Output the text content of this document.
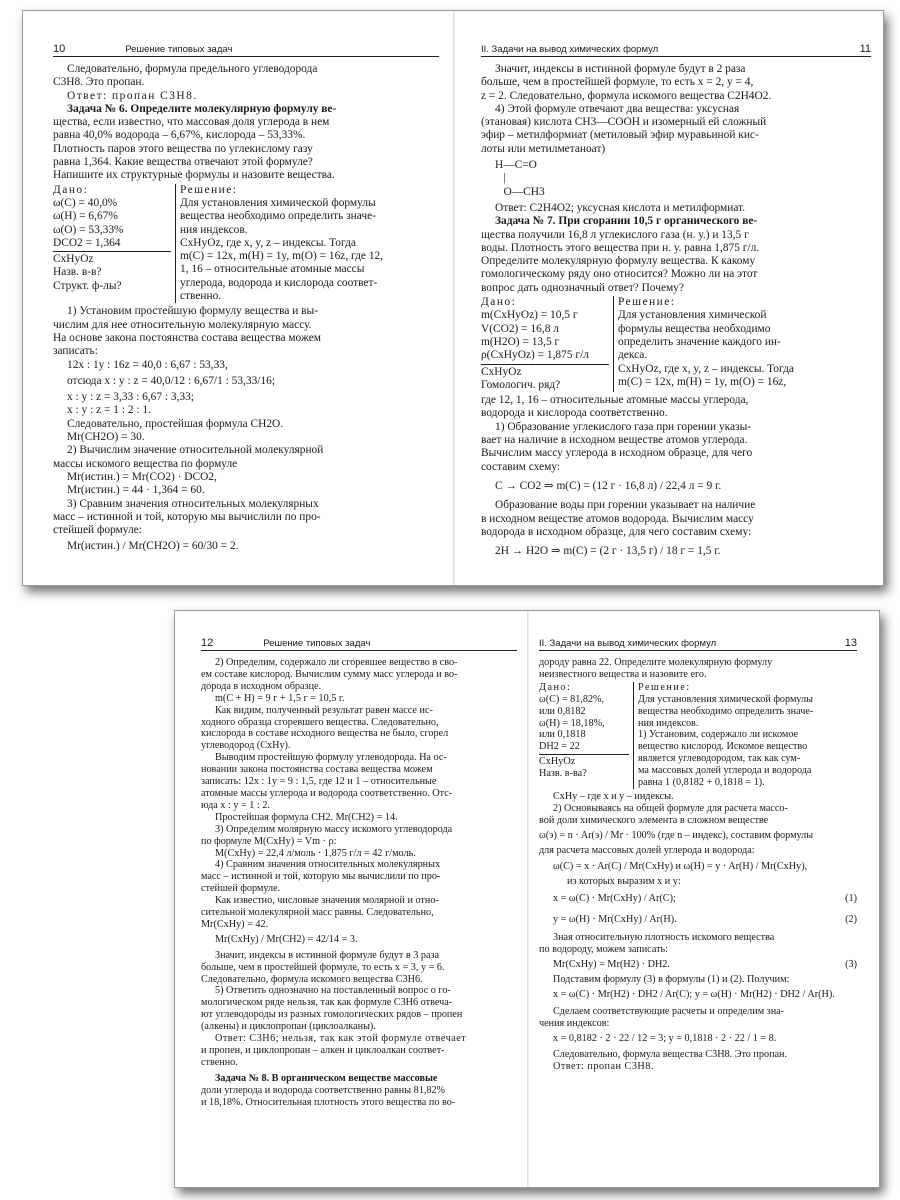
10	Решение типовых задач

Следовательно, формула предельного углеводорода

C3H8. Это пропан.

Ответ: пропан C3H8.

Задача № 6. Определите молекулярную формулу ве-

щества, если известно, что массовая доля углерода в нем

равна 40,0% водорода – 6,67%, кислорода – 53,33%.

Плотность паров этого вещества по углекислому газу

равна 1,364. Какие вещества отвечают этой формуле?

Напишите их структурные формулы и назовите вещества.

Дано:
ω(C) = 40,0%
ω(H) = 6,67%
ω(O) = 53,33%
DCO2 = 1,364
CxHyOz
Назв. в-в?
Структ. ф-лы?
Решение:
Для установления химической формулы
вещества необходимо определить значе-
ния индексов.
CxHyOz, где x, y, z – индексы. Тогда
m(C) = 12x, m(H) = 1y, m(O) = 16z, где 12,
1, 16 – относительные атомные массы
углерода, водорода и кислорода соответ-
ственно.

1) Установим простейшую формулу вещества и вы-

числим для нее относительную молекулярную массу.

На основе закона постоянства состава вещества можем

записать:

12x : 1y : 16z = 40,0 : 6,67 : 53,33,

отсюда x : y : z = 40,0/12 : 6,67/1 : 53,33/16;

x : y : z = 3,33 : 6,67 : 3,33;

x : y : z = 1 : 2 : 1.

Следовательно, простейшая формула CH2O.

Mr(CH2O) = 30.

2) Вычислим значение относительной молекулярной

массы искомого вещества по формуле

Mr(истин.) = Mr(CO2) · DCO2,

Mr(истин.) = 44 · 1,364 = 60.

3) Сравним значения относительных молекулярных

масс – истинной и той, которую мы вычислили по про-

стейшей формуле:

Mr(истин.) / Mr(CH2O) = 60/30 = 2.

II. Задачи на вывод химических формул	11

Значит, индексы в истинной формуле будут в 2 раза

больше, чем в простейшей формуле, то есть x = 2, y = 4,

z = 2. Следовательно, формула искомого вещества C2H4O2.

4) Этой формуле отвечают два вещества: уксусная

(этановая) кислота CH3—COOH и изомерный ей сложный

эфир – метилформиат (метиловый эфир муравьиной кис-

лоты или метилметаноат)

H—C=O

|

O—CH3

Ответ: C2H4O2; уксусная кислота и метилформиат.

Задача № 7. При сгорании 10,5 г органического ве-

щества получили 16,8 л углекислого газа (н. у.) и 13,5 г

воды. Плотность этого вещества при н. у. равна 1,875 г/л.

Определите молекулярную формулу вещества. К какому

гомологическому ряду оно относится? Можно ли на этот

вопрос дать однозначный ответ? Почему?

Дано:
m(CxHyOz) = 10,5 г
V(CO2) = 16,8 л
m(H2O) = 13,5 г
ρ(CxHyOz) = 1,875 г/л
CxHyOz
Гомологич. ряд?
Решение:
Для установления химической
формулы вещества необходимо
определить значение каждого ин-
декса.
CxHyOz, где x, y, z – индексы. Тогда
m(C) = 12x, m(H) = 1y, m(O) = 16z,

где 12, 1, 16 – относительные атомные массы углерода,

водорода и кислорода соответственно.

1) Образование углекислого газа при горении указы-

вает на наличие в исходном веществе атомов углерода.

Вычислим массу углерода в исходном образце, для чего

составим схему:

C → CO2 ⇒ m(C) = (12 г · 16,8 л) / 22,4 л = 9 г.

Образование воды при горении указывает на наличие

в исходном веществе атомов водорода. Вычислим массу

водорода в исходном образце, для чего составим схему:

2H → H2O ⇒ m(C) = (2 г · 13,5 г) / 18 г = 1,5 г.

12	Решение типовых задач

2) Определим, содержало ли сгоревшее вещество в сво-

ем составе кислород. Вычислим сумму масс углерода и во-

дорода в исходном образце.

m(C + H) = 9 г + 1,5 г = 10,5 г.

Как видим, полученный результат равен массе ис-

ходного образца сгоревшего вещества. Следовательно,

кислорода в составе исходного вещества не было, сгорел

углеводород (CxHy).

Выводим простейшую формулу углеводорода. На ос-

новании закона постоянства состава вещества можем

записать: 12x : 1y = 9 : 1,5, где 12 и 1 – относительные

атомные массы углерода и водорода соответственно. Отс-

юда x : y = 1 : 2.

Простейшая формула CH2. Mr(CH2) = 14.

3) Определим молярную массу искомого углеводорода

по формуле M(CxHy) = Vm · ρ:

M(CxHy) = 22,4 л/моль · 1,875 г/л = 42 г/моль.

4) Сравним значения относительных молекулярных

масс – истинной и той, которую мы вычислили по про-

стейшей формуле.

Как известно, числовые значения молярной и отно-

сительной молекулярной масс равны. Следовательно,

Mr(CxHy) = 42.

Mr(CxHy) / Mr(CH2) = 42/14 = 3.

Значит, индексы в истинной формуле будут в 3 раза

больше, чем в простейшей формуле, то есть x = 3, y = 6.

Следовательно, формула искомого вещества C3H6.

5) Ответить однозначно на поставленный вопрос о го-

мологическом ряде нельзя, так как формуле C3H6 отвеча-

ют углеводороды из разных гомологических рядов – пропен

(алкены) и циклопропан (циклоалканы).

Ответ: C3H6; нельзя, так как этой формуле отвечает

и пропен, и циклопропан – алкен и циклоалкан соответ-

ственно.

Задача № 8. В органическом веществе массовые

доли углерода и водорода соответственно равны 81,82%

и 18,18%. Относительная плотность этого вещества по во-

II. Задачи на вывод химических формул	13

дороду равна 22. Определите молекулярную формулу

неизвестного вещества и назовите его.

Дано:
ω(C) = 81,82%,
или 0,8182
ω(H) = 18,18%,
или 0,1818
DH2 = 22
CxHyOz
Назв. в-ва?
Решение:
Для установления химической формулы
вещества необходимо определить значе-
ния индексов.
1) Установим, содержало ли искомое
вещество кислород. Искомое вещество
является углеводородом, так как сум-
ма массовых долей углерода и водорода
равна 1 (0,8182 + 0,1818 = 1).

CxHy – где x и y – индексы.

2) Основываясь на общей формуле для расчета массо-

вой доли химического элемента в сложном веществе

ω(э) = n · Ar(э) / Mr · 100% (где n – индекс), составим формулы

для расчета массовых долей углерода и водорода:

ω(C) = x · Ar(C) / Mr(CxHy) и ω(H) = y · Ar(H) / Mr(CxHy),

из которых выразим x и y:

x = ω(C) · Mr(CxHy) / Ar(C);	(1)
y = ω(H) · Mr(CxHy) / Ar(H).	(2)

Зная относительную плотность искомого вещества

по водороду, можем записать:

Mr(CxHy) = Mr(H2) · DH2.	(3)

Подставим формулу (3) в формулы (1) и (2). Получим:

x = ω(C) · Mr(H2) · DH2 / Ar(C); y = ω(H) · Mr(H2) · DH2 / Ar(H).

Сделаем соответствующие расчеты и определим зна-

чения индексов:

x = 0,8182 · 2 · 22 / 12 = 3; y = 0,1818 · 2 · 22 / 1 = 8.

Следовательно, формула вещества C3H8. Это пропан.

Ответ: пропан C3H8.
